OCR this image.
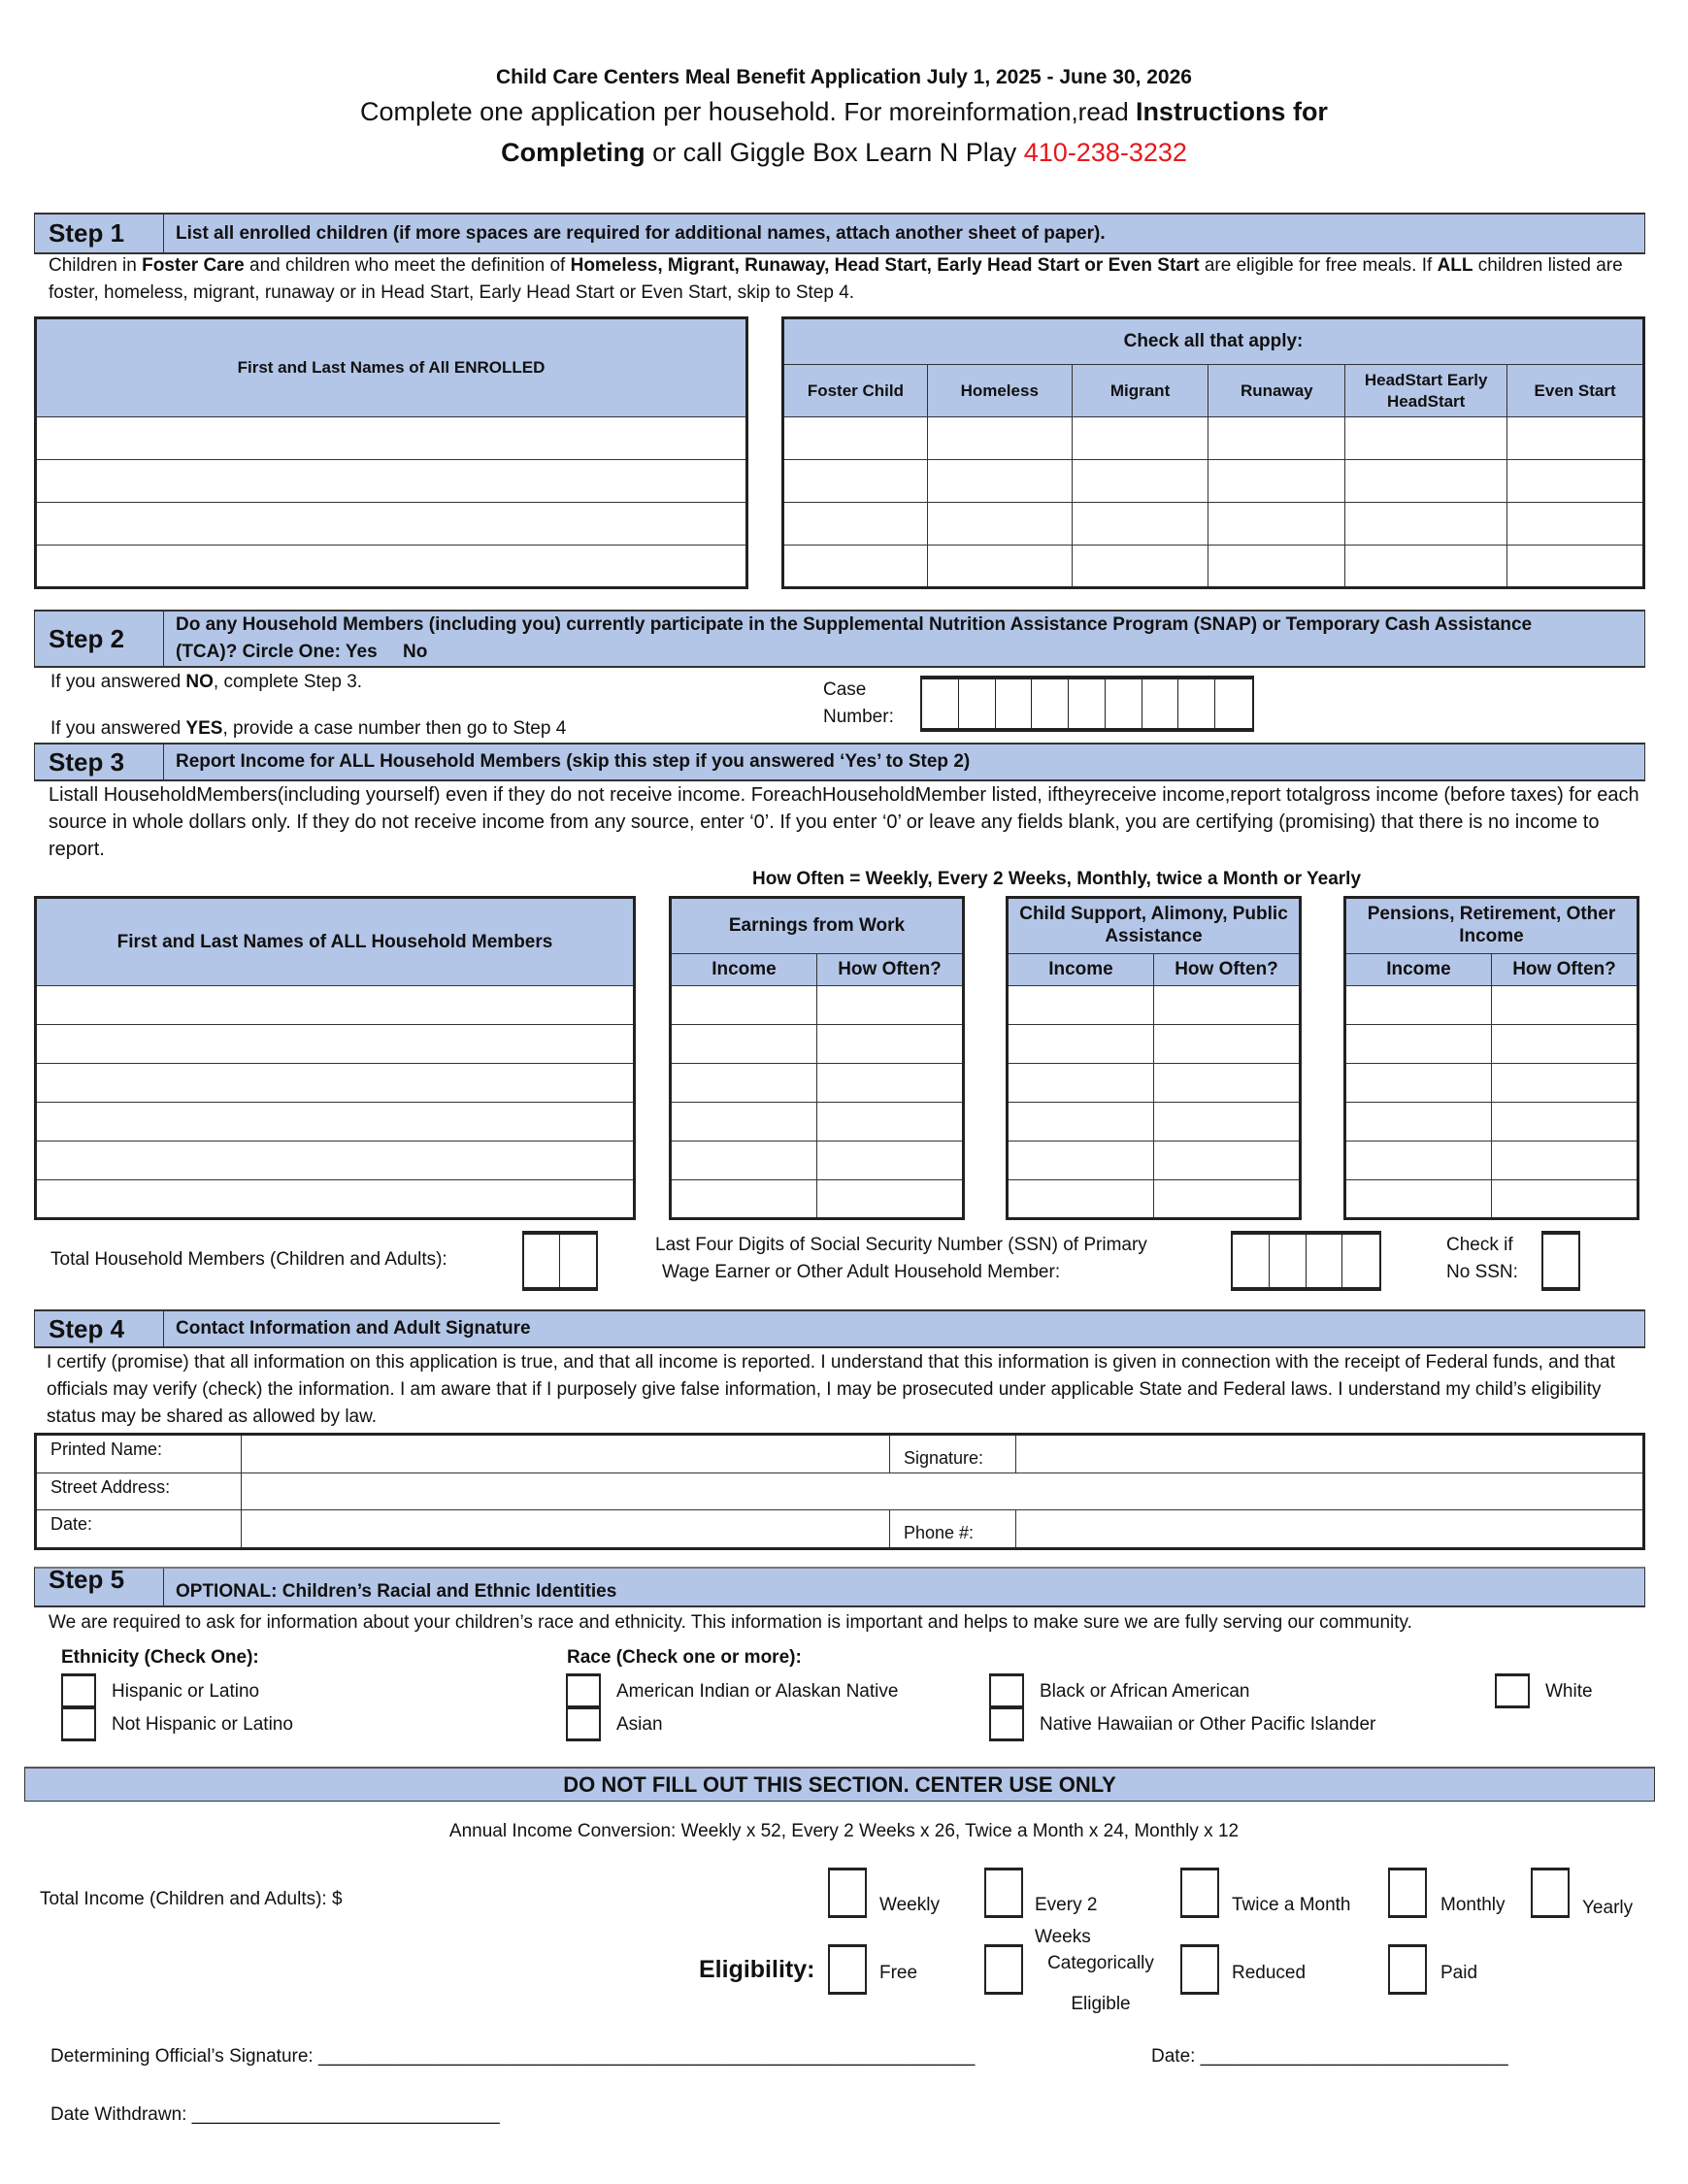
Child Care Centers Meal Benefit Application July 1, 2025 - June 30, 2026
Complete one application per household. For moreinformation,read Instructions for
Completing or call Giggle Box Learn N Play 410-238-3232
Step 1	List all enrolled children (if more spaces are required for additional names, attach another sheet of paper).
Children in Foster Care and children who meet the definition of Homeless, Migrant, Runaway, Head Start, Early Head Start or Even Start are eligible for free meals. If ALL children listed are foster, homeless, migrant, runaway or in Head Start, Early Head Start or Even Start, skip to Step 4.
First and Last Names of All ENROLLED

Check all that apply:					
Foster Child	Homeless	Migrant	Runaway	HeadStart Early HeadStart	Even Start

Step 2	Do any Household Members (including you) currently participate in the Supplemental Nutrition Assistance Program (SNAP) or Temporary Cash Assistance
(TCA)? Circle One: Yes     No
If you answered NO, complete Step 3.
If you answered YES, provide a case number then go to Step 4
Case
Number:
Step 3	Report Income for ALL Household Members (skip this step if you answered ‘Yes’ to Step 2)
Listall HouseholdMembers(including yourself) even if they do not receive income. ForeachHouseholdMember listed, iftheyreceive income,report totalgross income (before taxes) for each source in whole dollars only. If they do not receive income from any source, enter ‘0’. If you enter ‘0’ or leave any fields blank, you are certifying (promising) that there is no income to report.
How Often = Weekly, Every 2 Weeks, Monthly, twice a Month or Yearly
First and Last Names of ALL Household Members

Earnings from Work	
Income	How Often?

Child Support, Alimony, Public Assistance	
Income	How Often?

Pensions, Retirement, Other Income	
Income	How Often?

Total Household Members (Children and Adults):
Last Four Digits of Social Security Number (SSN) of Primary
Wage Earner or Other Adult Household Member:
Check if
No SSN:
Step 4	Contact Information and Adult Signature
I certify (promise) that all information on this application is true, and that all income is reported. I understand that this information is given in connection with the receipt of Federal funds, and that officials may verify (check) the information. I am aware that if I purposely give false information, I may be prosecuted under applicable State and Federal laws. I understand my child’s eligibility status may be shared as allowed by law.
Printed Name:		Signature:	
Street Address:			
Date:		Phone #:	
Step 5	OPTIONAL: Children’s Racial and Ethnic Identities
We are required to ask for information about your children’s race and ethnicity. This information is important and helps to make sure we are fully serving our community.
Ethnicity (Check One):	Race (Check one or more):
Hispanic or Latino
Not Hispanic or Latino
American Indian or Alaskan Native
Asian
Black or African American
Native Hawaiian or Other Pacific Islander
White
DO NOT FILL OUT THIS SECTION. CENTER USE ONLY
Annual Income Conversion: Weekly x 52, Every 2 Weeks x 26, Twice a Month x 24, Monthly x 12
Total Income (Children and Adults): $	Weekly	Every 2 Weeks
Twice a Month	Monthly	Yearly
Free	Categorically Eligible
Reduced	Paid
Eligibility:
Determining Official’s Signature: ________________________________________________________________	Date: ______________________________
Date Withdrawn: ______________________________
